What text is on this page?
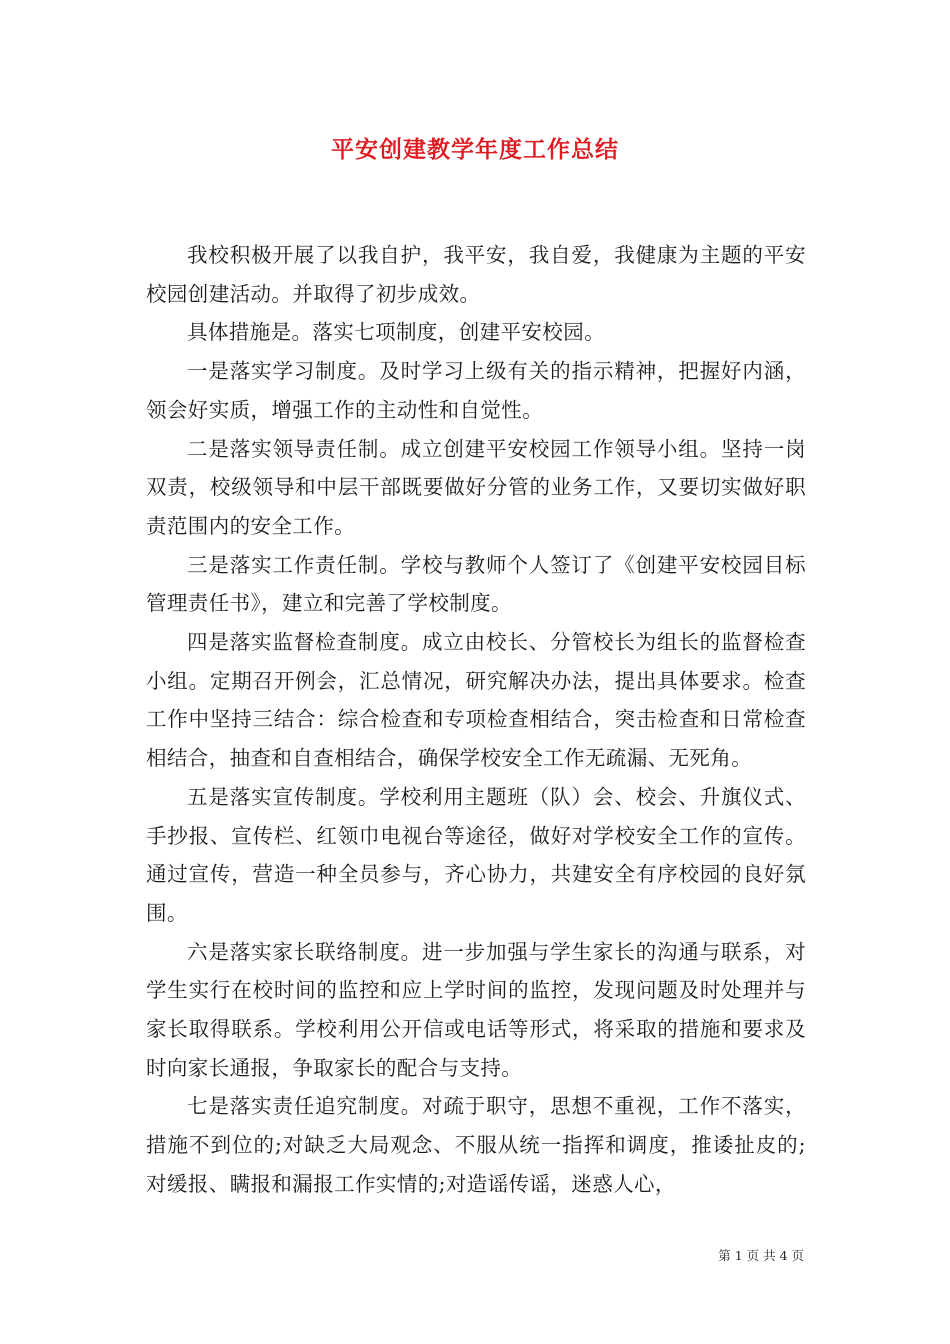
平安创建教学年度工作总结

我校积极开展了以我自护，我平安，我自爱，我健康为主题的平安校园创建活动。并取得了初步成效。

具体措施是。落实七项制度，创建平安校园。

一是落实学习制度。及时学习上级有关的指示精神，把握好内涵，领会好实质，增强工作的主动性和自觉性。

二是落实领导责任制。成立创建平安校园工作领导小组。坚持一岗双责，校级领导和中层干部既要做好分管的业务工作，又要切实做好职责范围内的安全工作。

三是落实工作责任制。学校与教师个人签订了《创建平安校园目标管理责任书》，建立和完善了学校制度。

四是落实监督检查制度。成立由校长、分管校长为组长的监督检查小组。定期召开例会，汇总情况，研究解决办法，提出具体要求。检查工作中坚持三结合：综合检查和专项检查相结合，突击检查和日常检查相结合，抽查和自查相结合，确保学校安全工作无疏漏、无死角。

五是落实宣传制度。学校利用主题班（队）会、校会、升旗仪式、手抄报、宣传栏、红领巾电视台等途径，做好对学校安全工作的宣传。通过宣传，营造一种全员参与，齐心协力，共建安全有序校园的良好氛围。

六是落实家长联络制度。进一步加强与学生家长的沟通与联系，对学生实行在校时间的监控和应上学时间的监控，发现问题及时处理并与家长取得联系。学校利用公开信或电话等形式，将采取的措施和要求及时向家长通报，争取家长的配合与支持。

七是落实责任追究制度。对疏于职守，思想不重视，工作不落实，措施不到位的;对缺乏大局观念、不服从统一指挥和调度，推诿扯皮的;对缓报、瞒报和漏报工作实情的;对造谣传谣，迷惑人心，

第 1 页 共 4 页
